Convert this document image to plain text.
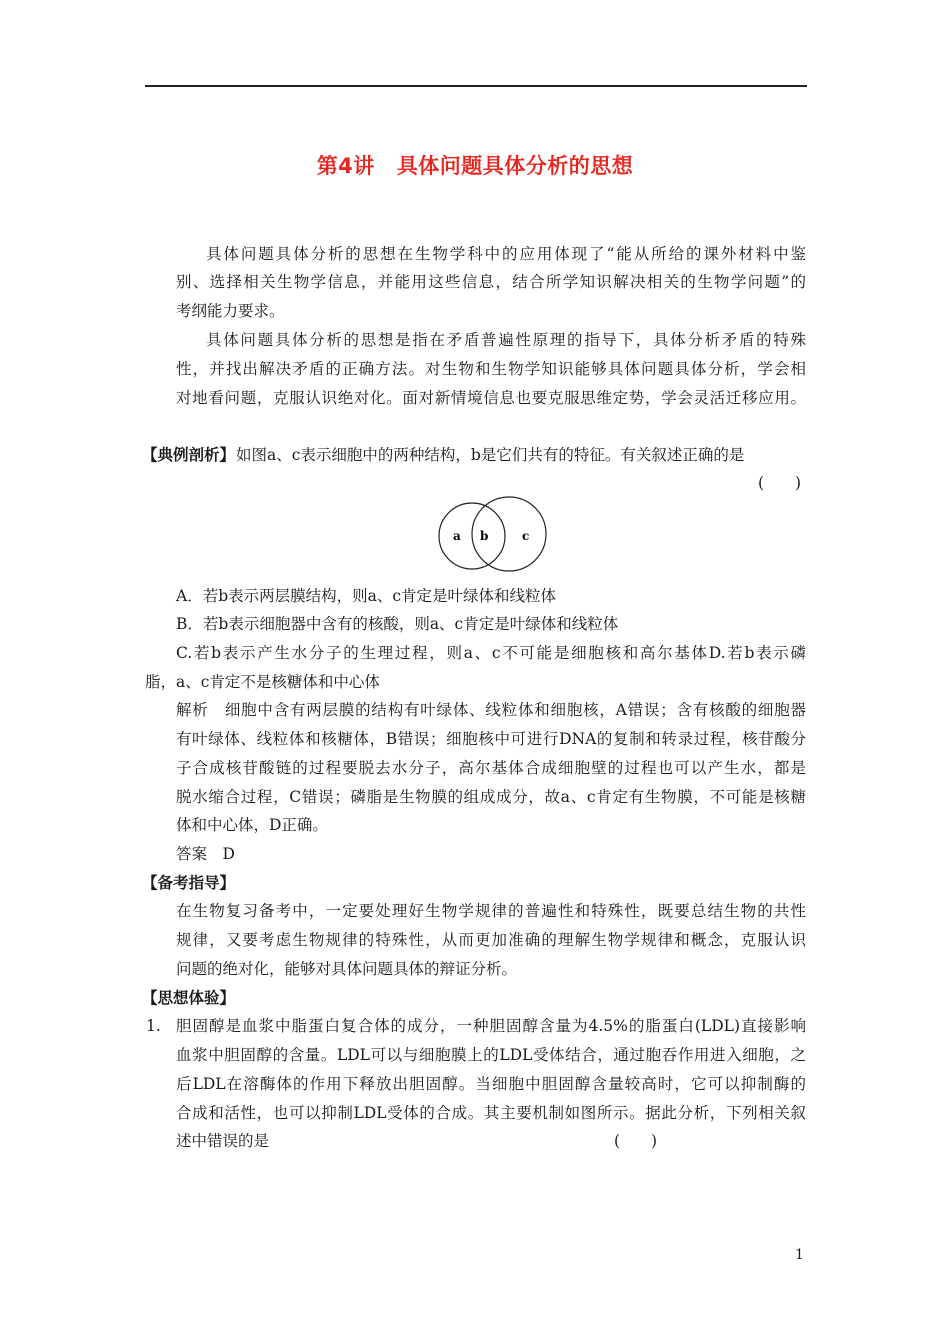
第4讲 具体问题具体分析的思想
具体问题具体分析的思想在生物学科中的应用体现了“能从所给的课外材料中鉴
别、选择相关生物学信息，并能用这些信息，结合所学知识解决相关的生物学问题”的
考纲能力要求。
具体问题具体分析的思想是指在矛盾普遍性原理的指导下，具体分析矛盾的特殊
性，并找出解决矛盾的正确方法。对生物和生物学知识能够具体问题具体分析，学会相
对地看问题，克服认识绝对化。面对新情境信息也要克服思维定势，学会灵活迁移应用。
【典例剖析】 如图a、c表示细胞中的两种结构，b是它们共有的特征。有关叙述正确的是
(　　)
a b	c
A．若b表示两层膜结构，则a、c肯定是叶绿体和线粒体
B．若b表示细胞器中含有的核酸，则a、c肯定是叶绿体和线粒体
C.若b表示产生水分子的生理过程，则a、c不可能是细胞核和高尔基体D.若b表示磷
脂，a、c肯定不是核糖体和中心体
解析　细胞中含有两层膜的结构有叶绿体、线粒体和细胞核，A错误；含有核酸的细胞器
有叶绿体、线粒体和核糖体，B错误；细胞核中可进行DNA的复制和转录过程，核苷酸分
子合成核苷酸链的过程要脱去水分子，高尔基体合成细胞壁的过程也可以产生水，都是
脱水缩合过程，C错误；磷脂是生物膜的组成成分，故a、c肯定有生物膜，不可能是核糖
体和中心体，D正确。
答案　D
【备考指导】
在生物复习备考中，一定要处理好生物学规律的普遍性和特殊性，既要总结生物的共性
规律，又要考虑生物规律的特殊性，从而更加准确的理解生物学规律和概念，克服认识
问题的绝对化，能够对具体问题具体的辩证分析。
【思想体验】
1. 胆固醇是血浆中脂蛋白复合体的成分，一种胆固醇含量为4.5%的脂蛋白(LDL)直接影响
血浆中胆固醇的含量。LDL可以与细胞膜上的LDL受体结合，通过胞吞作用进入细胞，之
后LDL在溶酶体的作用下释放出胆固醇。当细胞中胆固醇含量较高时，它可以抑制酶的
合成和活性，也可以抑制LDL受体的合成。其主要机制如图所示。据此分析，下列相关叙
述中错误的是	(　　)
1
